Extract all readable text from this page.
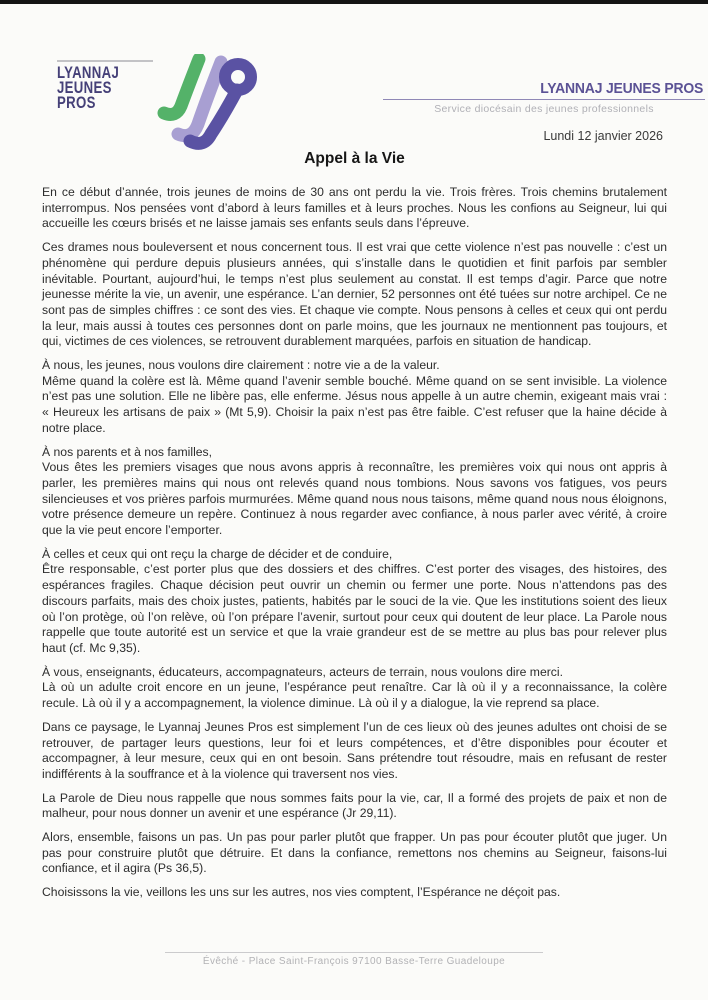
LYANNAJ
JEUNES
PROS
LYANNAJ JEUNES PROS
Service diocésain des jeunes professionnels
Lundi 12 janvier 2026
Appel à la Vie

En ce début d’année, trois jeunes de moins de 30 ans ont perdu la vie. Trois frères. Trois chemins brutalement interrompus. Nos pensées vont d’abord à leurs familles et à leurs proches. Nous les confions au Seigneur, lui qui accueille les cœurs brisés et ne laisse jamais ses enfants seuls dans l’épreuve.

Ces drames nous bouleversent et nous concernent tous. Il est vrai que cette violence n’est pas nouvelle : c’est un phénomène qui perdure depuis plusieurs années, qui s’installe dans le quotidien et finit parfois par sembler inévitable. Pourtant, aujourd’hui, le temps n’est plus seulement au constat. Il est temps d’agir. Parce que notre jeunesse mérite la vie, un avenir, une espérance. L’an dernier, 52 personnes ont été tuées sur notre archipel. Ce ne sont pas de simples chiffres : ce sont des vies. Et chaque vie compte. Nous pensons à celles et ceux qui ont perdu la leur, mais aussi à toutes ces personnes dont on parle moins, que les journaux ne mentionnent pas toujours, et qui, victimes de ces violences, se retrouvent durablement marquées, parfois en situation de handicap.

À nous, les jeunes, nous voulons dire clairement : notre vie a de la valeur.
Même quand la colère est là. Même quand l’avenir semble bouché. Même quand on se sent invisible. La violence n’est pas une solution. Elle ne libère pas, elle enferme. Jésus nous appelle à un autre chemin, exigeant mais vrai : « Heureux les artisans de paix » (Mt 5,9). Choisir la paix n’est pas être faible. C’est refuser que la haine décide à notre place.

À nos parents et à nos familles,
Vous êtes les premiers visages que nous avons appris à reconnaître, les premières voix qui nous ont appris à parler, les premières mains qui nous ont relevés quand nous tombions. Nous savons vos fatigues, vos peurs silencieuses et vos prières parfois murmurées. Même quand nous nous taisons, même quand nous nous éloignons, votre présence demeure un repère. Continuez à nous regarder avec confiance, à nous parler avec vérité, à croire que la vie peut encore l’emporter.

À celles et ceux qui ont reçu la charge de décider et de conduire,
Être responsable, c’est porter plus que des dossiers et des chiffres. C’est porter des visages, des histoires, des espérances fragiles. Chaque décision peut ouvrir un chemin ou fermer une porte. Nous n’attendons pas des discours parfaits, mais des choix justes, patients, habités par le souci de la vie. Que les institutions soient des lieux où l’on protège, où l’on relève, où l’on prépare l’avenir, surtout pour ceux qui doutent de leur place. La Parole nous rappelle que toute autorité est un service et que la vraie grandeur est de se mettre au plus bas pour relever plus haut (cf. Mc 9,35).

À vous, enseignants, éducateurs, accompagnateurs, acteurs de terrain, nous voulons dire merci.
Là où un adulte croit encore en un jeune, l’espérance peut renaître. Car là où il y a reconnaissance, la colère recule. Là où il y a accompagnement, la violence diminue. Là où il y a dialogue, la vie reprend sa place.

Dans ce paysage, le Lyannaj Jeunes Pros est simplement l’un de ces lieux où des jeunes adultes ont choisi de se retrouver, de partager leurs questions, leur foi et leurs compétences, et d’être disponibles pour écouter et accompagner, à leur mesure, ceux qui en ont besoin. Sans prétendre tout résoudre, mais en refusant de rester indifférents à la souffrance et à la violence qui traversent nos vies.

La Parole de Dieu nous rappelle que nous sommes faits pour la vie, car, Il a formé des projets de paix et non de malheur, pour nous donner un avenir et une espérance (Jr 29,11).

Alors, ensemble, faisons un pas. Un pas pour parler plutôt que frapper. Un pas pour écouter plutôt que juger. Un pas pour construire plutôt que détruire. Et dans la confiance, remettons nos chemins au Seigneur, faisons-lui confiance, et il agira (Ps 36,5).

Choisissons la vie, veillons les uns sur les autres, nos vies comptent, l’Espérance ne déçoit pas.

Évêché - Place Saint-François 97100 Basse-Terre Guadeloupe
